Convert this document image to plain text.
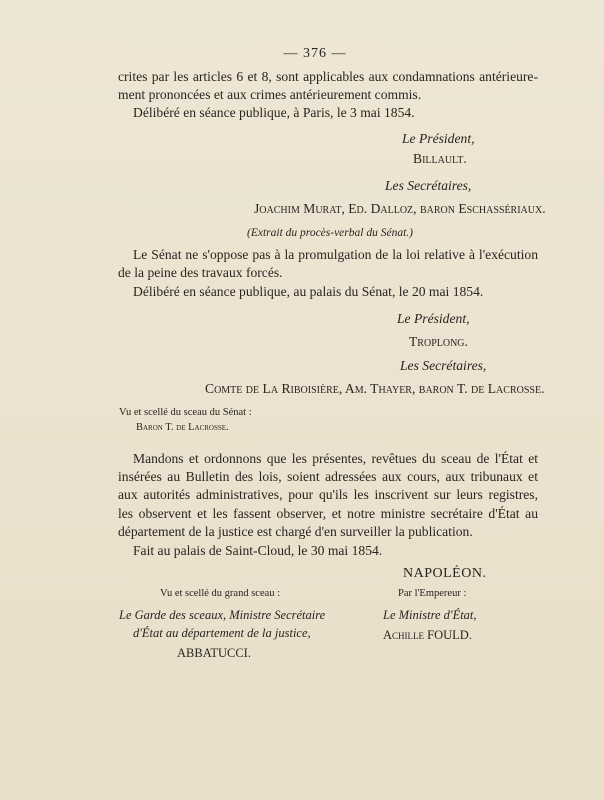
— 376 —
crites par les articles 6 et 8, sont applicables aux condamnations antérieure-
ment prononcées et aux crimes antérieurement commis.
Délibéré en séance publique, à Paris, le 3 mai 1854.
Le Président,
Billault.
Les Secrétaires,
Joachim Murat, Ed. Dalloz, baron Eschassériaux.
(Extrait du procès-verbal du Sénat.)
Le Sénat ne s'oppose pas à la promulgation de la loi relative à l'exécution
de la peine des travaux forcés.
Délibéré en séance publique, au palais du Sénat, le 20 mai 1854.
Le Président,
Troplong.
Les Secrétaires,
Comte de La Riboisière, Am. Thayer, baron T. de Lacrosse.
Vu et scellé du sceau du Sénat :
Baron T. de Lacrosse.
Mandons et ordonnons que les présentes, revêtues du sceau de l'État et
insérées au Bulletin des lois, soient adressées aux cours, aux tribunaux et
aux autorités administratives, pour qu'ils les inscrivent sur leurs registres,
les observent et les fassent observer, et notre ministre secrétaire d'État au
département de la justice est chargé d'en surveiller la publication.
Fait au palais de Saint-Cloud, le 30 mai 1854.
NAPOLÉON.
Vu et scellé du grand sceau :	Par l'Empereur :
Le Garde des sceaux, Ministre Secrétaire	Le Ministre d'État,
d'État au département de la justice,	Achille FOULD.
ABBATUCCI.
